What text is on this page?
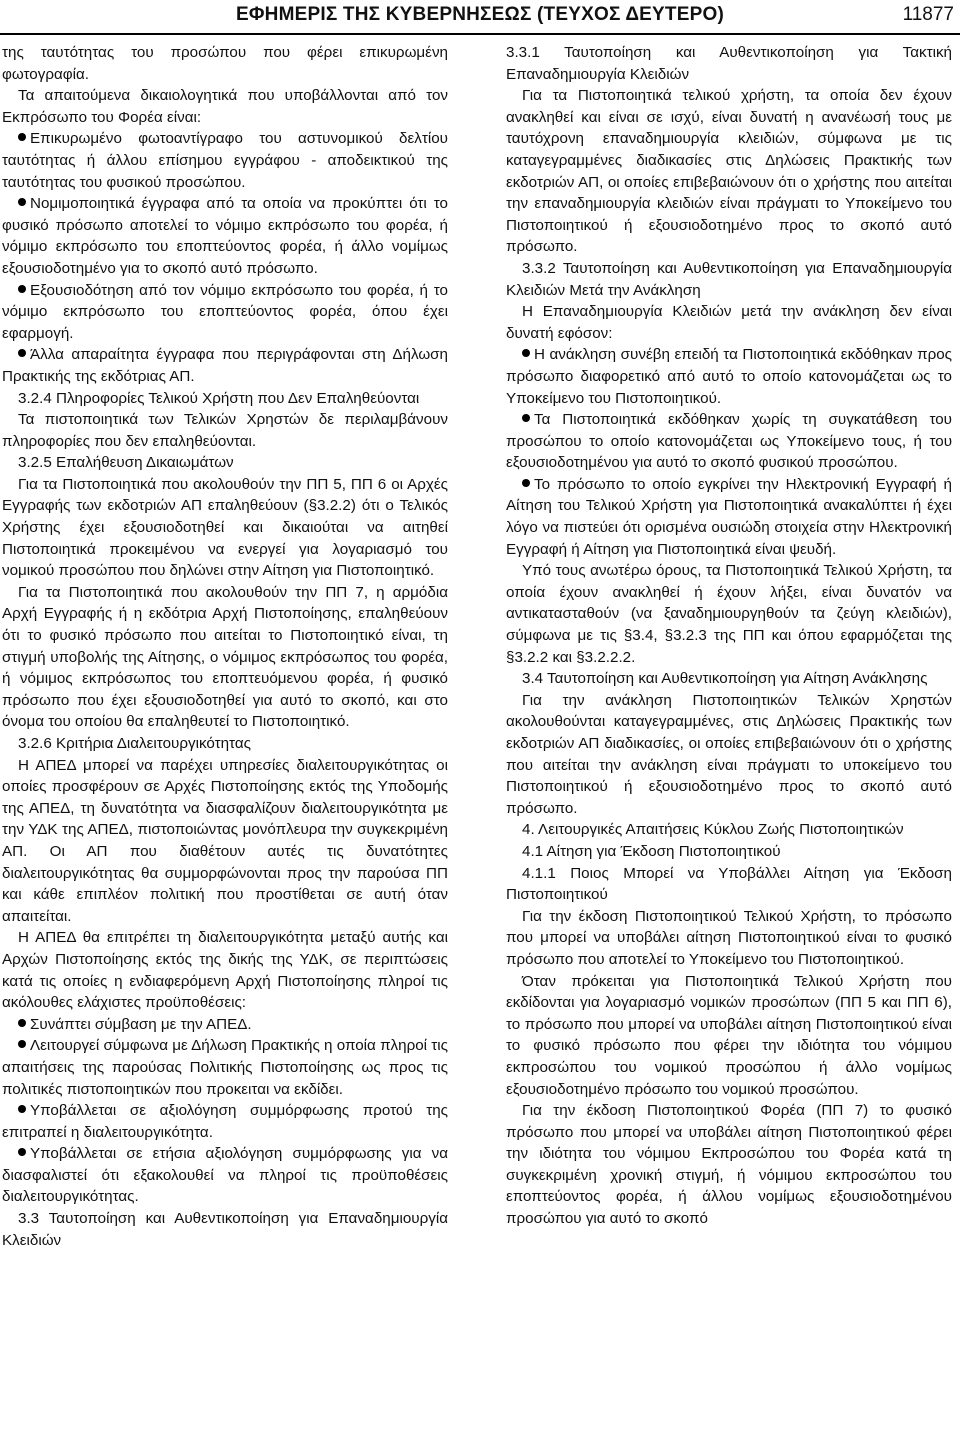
ΕΦΗΜΕΡΙΣ ΤΗΣ ΚΥΒΕΡΝΗΣΕΩΣ (ΤΕΥΧΟΣ ΔΕΥΤΕΡΟ)	11877

της ταυτότητας του προσώπου που φέρει επικυρωμένη φωτογραφία.

Τα απαιτούμενα δικαιολογητικά που υποβάλλονται από τον Εκπρόσωπο του Φορέα είναι:

Επικυρωμένο φωτοαντίγραφο του αστυνομικού δελτίου ταυτότητας ή άλλου επίσημου εγγράφου - αποδεικτικού της ταυτότητας του φυσικού προσώπου.

Νομιμοποιητικά έγγραφα από τα οποία να προκύπτει ότι το φυσικό πρόσωπο αποτελεί το νόμιμο εκπρόσωπο του φορέα, ή νόμιμο εκπρόσωπο του εποπτεύοντος φορέα, ή άλλο νομίμως εξουσιοδοτημένο για το σκοπό αυτό πρόσωπο.

Εξουσιοδότηση από τον νόμιμο εκπρόσωπο του φορέα, ή το νόμιμο εκπρόσωπο του εποπτεύοντος φορέα, όπου έχει εφαρμογή.

Άλλα απαραίτητα έγγραφα που περιγράφονται στη Δήλωση Πρακτικής της εκδότριας ΑΠ.

3.2.4 Πληροφορίες Τελικού Χρήστη που Δεν Επαληθεύονται

Τα πιστοποιητικά των Τελικών Χρηστών δε περιλαμβάνουν πληροφορίες που δεν επαληθεύονται.

3.2.5 Επαλήθευση Δικαιωμάτων

Για τα Πιστοποιητικά που ακολουθούν την ΠΠ 5, ΠΠ 6 οι Αρχές Εγγραφής των εκδοτριών ΑΠ επαληθεύουν (§3.2.2) ότι ο Τελικός Χρήστης έχει εξουσιοδοτηθεί και δικαιούται να αιτηθεί Πιστοποιητικά προκειμένου να ενεργεί για λογαριασμό του νομικού προσώπου που δηλώνει στην Αίτηση για Πιστοποιητικό.

Για τα Πιστοποιητικά που ακολουθούν την ΠΠ 7, η αρμόδια Αρχή Εγγραφής ή η εκδότρια Αρχή Πιστοποίησης, επαληθεύουν ότι το φυσικό πρόσωπο που αιτείται το Πιστοποιητικό είναι, τη στιγμή υποβολής της Αίτησης, ο νόμιμος εκπρόσωπος του φορέα, ή νόμιμος εκπρόσωπος του εποπτευόμενου φορέα, ή φυσικό πρόσωπο που έχει εξουσιοδοτηθεί για αυτό το σκοπό, και στο όνομα του οποίου θα επαληθευτεί το Πιστοποιητικό.

3.2.6 Κριτήρια Διαλειτουργικότητας

Η ΑΠΕΔ μπορεί να παρέχει υπηρεσίες διαλειτουργικότητας οι οποίες προσφέρουν σε Αρχές Πιστοποίησης εκτός της Υποδομής της ΑΠΕΔ, τη δυνατότητα να διασφαλίζουν διαλειτουργικότητα με την ΥΔΚ της ΑΠΕΔ, πιστοποιώντας μονόπλευρα την συγκεκριμένη ΑΠ. Οι ΑΠ που διαθέτουν αυτές τις δυνατότητες διαλειτουργικότητας θα συμμορφώνονται προς την παρούσα ΠΠ και κάθε επιπλέον πολιτική που προστίθεται σε αυτή όταν απαιτείται.

Η ΑΠΕΔ θα επιτρέπει τη διαλειτουργικότητα μεταξύ αυτής και Αρχών Πιστοποίησης εκτός της δικής της ΥΔΚ, σε περιπτώσεις κατά τις οποίες η ενδιαφερόμενη Αρχή Πιστοποίησης πληροί τις ακόλουθες ελάχιστες προϋποθέσεις:

Συνάπτει σύμβαση με την ΑΠΕΔ.

Λειτουργεί σύμφωνα με Δήλωση Πρακτικής η οποία πληροί τις απαιτήσεις της παρούσας Πολιτικής Πιστοποίησης ως προς τις πολιτικές πιστοποιητικών που προκειται να εκδίδει.

Υποβάλλεται σε αξιολόγηση συμμόρφωσης προτού της επιτραπεί η διαλειτουργικότητα.

Υποβάλλεται σε ετήσια αξιολόγηση συμμόρφωσης για να διασφαλιστεί ότι εξακολουθεί να πληροί τις προϋποθέσεις διαλειτουργικότητας.

3.3 Ταυτοποίηση και Αυθεντικοποίηση για Επαναδημιουργία Κλειδιών

3.3.1 Ταυτοποίηση και Αυθεντικοποίηση για Τακτική Επαναδημιουργία Κλειδιών

Για τα Πιστοποιητικά τελικού χρήστη, τα οποία δεν έχουν ανακληθεί και είναι σε ισχύ, είναι δυνατή η ανανέωσή τους με ταυτόχρονη επαναδημιουργία κλειδιών, σύμφωνα με τις καταγεγραμμένες διαδικασίες στις Δηλώσεις Πρακτικής των εκδοτριών ΑΠ, οι οποίες επιβεβαιώνουν ότι ο χρήστης που αιτείται την επαναδημιουργία κλειδιών είναι πράγματι το Υποκείμενο του Πιστοποιητικού ή εξουσιοδοτημένο προς το σκοπό αυτό πρόσωπο.

3.3.2 Ταυτοποίηση και Αυθεντικοποίηση για Επαναδημιουργία Κλειδιών Μετά την Ανάκληση

Η Επαναδημιουργία Κλειδιών μετά την ανάκληση δεν είναι δυνατή εφόσον:

Η ανάκληση συνέβη επειδή τα Πιστοποιητικά εκδόθηκαν προς πρόσωπο διαφορετικό από αυτό το οποίο κατονομάζεται ως το Υποκείμενο του Πιστοποιητικού.

Τα Πιστοποιητικά εκδόθηκαν χωρίς τη συγκατάθεση του προσώπου το οποίο κατονομάζεται ως Υποκείμενο τους, ή του εξουσιοδοτημένου για αυτό το σκοπό φυσικού προσώπου.

Το πρόσωπο το οποίο εγκρίνει την Ηλεκτρονική Εγγραφή ή Αίτηση του Τελικού Χρήστη για Πιστοποιητικά ανακαλύπτει ή έχει λόγο να πιστεύει ότι ορισμένα ουσιώδη στοιχεία στην Ηλεκτρονική Εγγραφή ή Αίτηση για Πιστοποιητικά είναι ψευδή.

Υπό τους ανωτέρω όρους, τα Πιστοποιητικά Τελικού Χρήστη, τα οποία έχουν ανακληθεί ή έχουν λήξει, είναι δυνατόν να αντικατασταθούν (να ξαναδημιουργηθούν τα ζεύγη κλειδιών), σύμφωνα με τις §3.4, §3.2.3 της ΠΠ και όπου εφαρμόζεται της §3.2.2 και §3.2.2.2.

3.4 Ταυτοποίηση και Αυθεντικοποίηση για Αίτηση Ανάκλησης

Για την ανάκληση Πιστοποιητικών Τελικών Χρηστών ακολουθούνται καταγεγραμμένες, στις Δηλώσεις Πρακτικής των εκδοτριών ΑΠ διαδικασίες, οι οποίες επιβεβαιώνουν ότι ο χρήστης που αιτείται την ανάκληση είναι πράγματι το υποκείμενο του Πιστοποιητικού ή εξουσιοδοτημένο προς το σκοπό αυτό πρόσωπο.

4. Λειτουργικές Απαιτήσεις Κύκλου Ζωής Πιστοποιητικών

4.1 Αίτηση για Έκδοση Πιστοποιητικού

4.1.1 Ποιος Μπορεί να Υποβάλλει Αίτηση για Έκδοση Πιστοποιητικού

Για την έκδοση Πιστοποιητικού Τελικού Χρήστη, το πρόσωπο που μπορεί να υποβάλει αίτηση Πιστοποιητικού είναι το φυσικό πρόσωπο που αποτελεί το Υποκείμενο του Πιστοποιητικού.

Όταν πρόκειται για Πιστοποιητικά Τελικού Χρήστη που εκδίδονται για λογαριασμό νομικών προσώπων (ΠΠ 5 και ΠΠ 6), το πρόσωπο που μπορεί να υποβάλει αίτηση Πιστοποιητικού είναι το φυσικό πρόσωπο που φέρει την ιδιότητα του νόμιμου εκπροσώπου του νομικού προσώπου ή άλλο νομίμως εξουσιοδοτημένο πρόσωπο του νομικού προσώπου.

Για την έκδοση Πιστοποιητικού Φορέα (ΠΠ 7) το φυσικό πρόσωπο που μπορεί να υποβάλει αίτηση Πιστοποιητικού φέρει την ιδιότητα του νόμιμου Εκπροσώπου του Φορέα κατά τη συγκεκριμένη χρονική στιγμή, ή νόμιμου εκπροσώπου του εποπτεύοντος φορέα, ή άλλου νομίμως εξουσιοδοτημένου προσώπου για αυτό το σκοπό
